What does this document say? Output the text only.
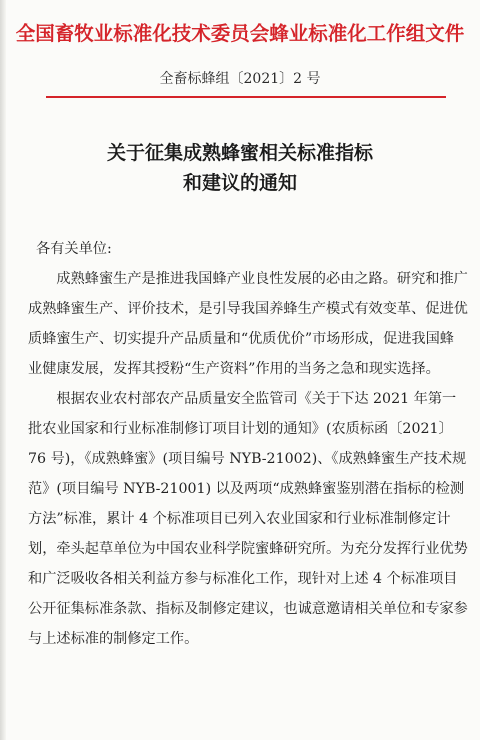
全国畜牧业标准化技术委员会蜂业标准化工作组文件
全畜标蜂组〔2021〕2 号
关于征集成熟蜂蜜相关标准指标
和建议的通知

各有关单位:

成熟蜂蜜生产是推进我国蜂产业良性发展的必由之路。研究和推广成熟蜂蜜生产、评价技术，是引导我国养蜂生产模式有效变革、促进优质蜂蜜生产、切实提升产品质量和“优质优价”市场形成，促进我国蜂业健康发展，发挥其授粉“生产资料”作用的当务之急和现实选择。

根据农业农村部农产品质量安全监管司《关于下达 2021 年第一批农业国家和行业标准制修订项目计划的通知》(农质标函〔2021〕76 号)，《成熟蜂蜜》(项目编号 NYB-21002)、《成熟蜂蜜生产技术规范》(项目编号 NYB-21001) 以及两项“成熟蜂蜜鉴别潜在指标的检测方法”标准，累计 4 个标准项目已列入农业国家和行业标准制修定计划，牵头起草单位为中国农业科学院蜜蜂研究所。为充分发挥行业优势和广泛吸收各相关利益方参与标准化工作，现针对上述 4 个标准项目公开征集标准条款、指标及制修定建议，也诚意邀请相关单位和专家参与上述标准的制修定工作。
